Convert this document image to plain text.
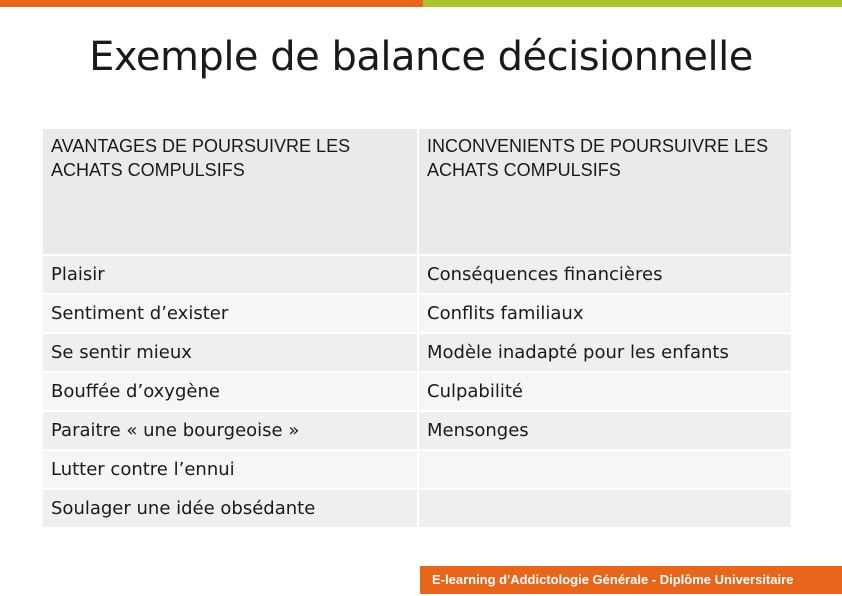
Exemple de balance décisionnelle
AVANTAGES DE POURSUIVRE LES ACHATS COMPULSIFS	INCONVENIENTS DE POURSUIVRE LES ACHATS COMPULSIFS
Plaisir	Conséquences financières
Sentiment d’exister	Conflits familiaux
Se sentir mieux	Modèle inadapté pour les enfants
Bouffée d’oxygène	Culpabilité
Paraitre « une bourgeoise »	Mensonges
Lutter contre l’ennui	
Soulager une idée obsédante	
E-learning d'Addictologie Générale - Diplôme Universitaire
